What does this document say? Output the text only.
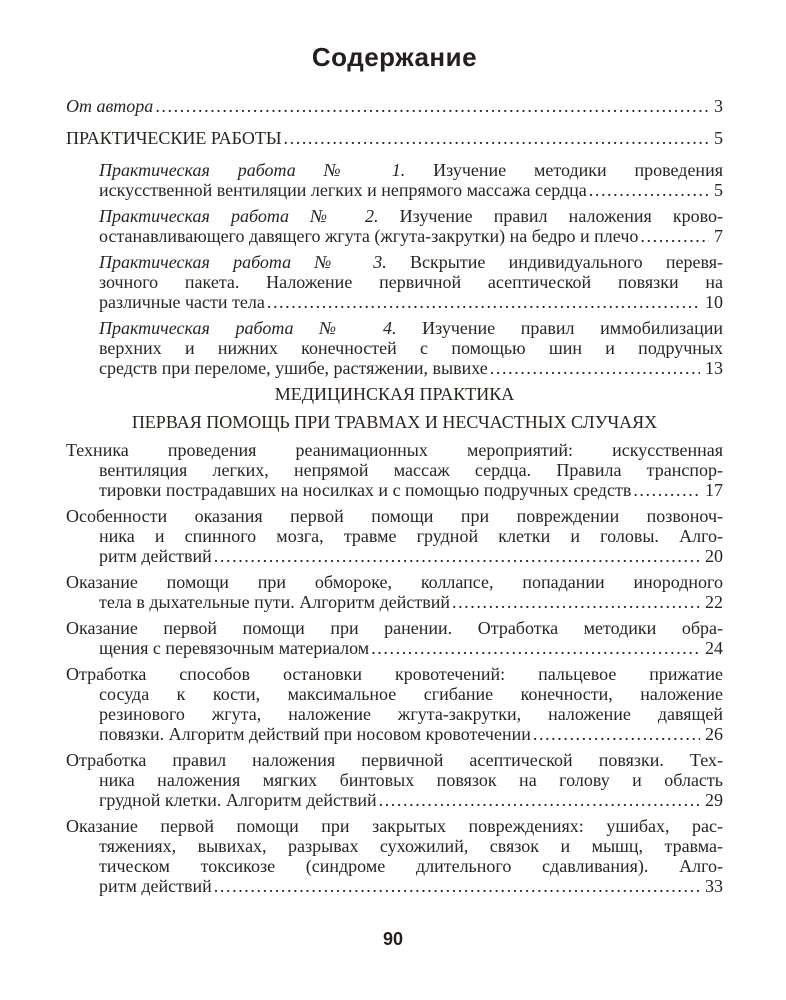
Содержание
От автора .....	3
ПРАКТИЧЕСКИЕ РАБОТЫ .....	5
Практическая работа № 1. Изучение методики проведения
искусственной вентиляции легких и непрямого массажа сердца .....	5
Практическая работа № 2. Изучение правил наложения крово-
останавливающего давящего жгута (жгута-закрутки) на бедро и плечо .....	7
Практическая работа № 3. Вскрытие индивидуального перевя-
зочного пакета. Наложение первичной асептической повязки на
различные части тела .....	10
Практическая работа № 4. Изучение правил иммобилизации
верхних и нижних конечностей с помощью шин и подручных
средств при переломе, ушибе, растяжении, вывихе .....	13
МЕДИЦИНСКАЯ ПРАКТИКА
ПЕРВАЯ ПОМОЩЬ ПРИ ТРАВМАХ И НЕСЧАСТНЫХ СЛУЧАЯХ
Техника проведения реанимационных мероприятий: искусственная
вентиляция легких, непрямой массаж сердца. Правила транспор-
тировки пострадавших на носилках и с помощью подручных средств .....	17
Особенности оказания первой помощи при повреждении позвоноч-
ника и спинного мозга, травме грудной клетки и головы. Алго-
ритм действий .....	20
Оказание помощи при обмороке, коллапсе, попадании инородного
тела в дыхательные пути. Алгоритм действий .....	22
Оказание первой помощи при ранении. Отработка методики обра-
щения с перевязочным материалом .....	24
Отработка способов остановки кровотечений: пальцевое прижатие
сосуда к кости, максимальное сгибание конечности, наложение
резинового жгута, наложение жгута-закрутки, наложение давящей
повязки. Алгоритм действий при носовом кровотечении .....	26
Отработка правил наложения первичной асептической повязки. Тех-
ника наложения мягких бинтовых повязок на голову и область
грудной клетки. Алгоритм действий .....	29
Оказание первой помощи при закрытых повреждениях: ушибах, рас-
тяжениях, вывихах, разрывах сухожилий, связок и мышц, травма-
тическом токсикозе (синдроме длительного сдавливания). Алго-
ритм действий .....	33
90
